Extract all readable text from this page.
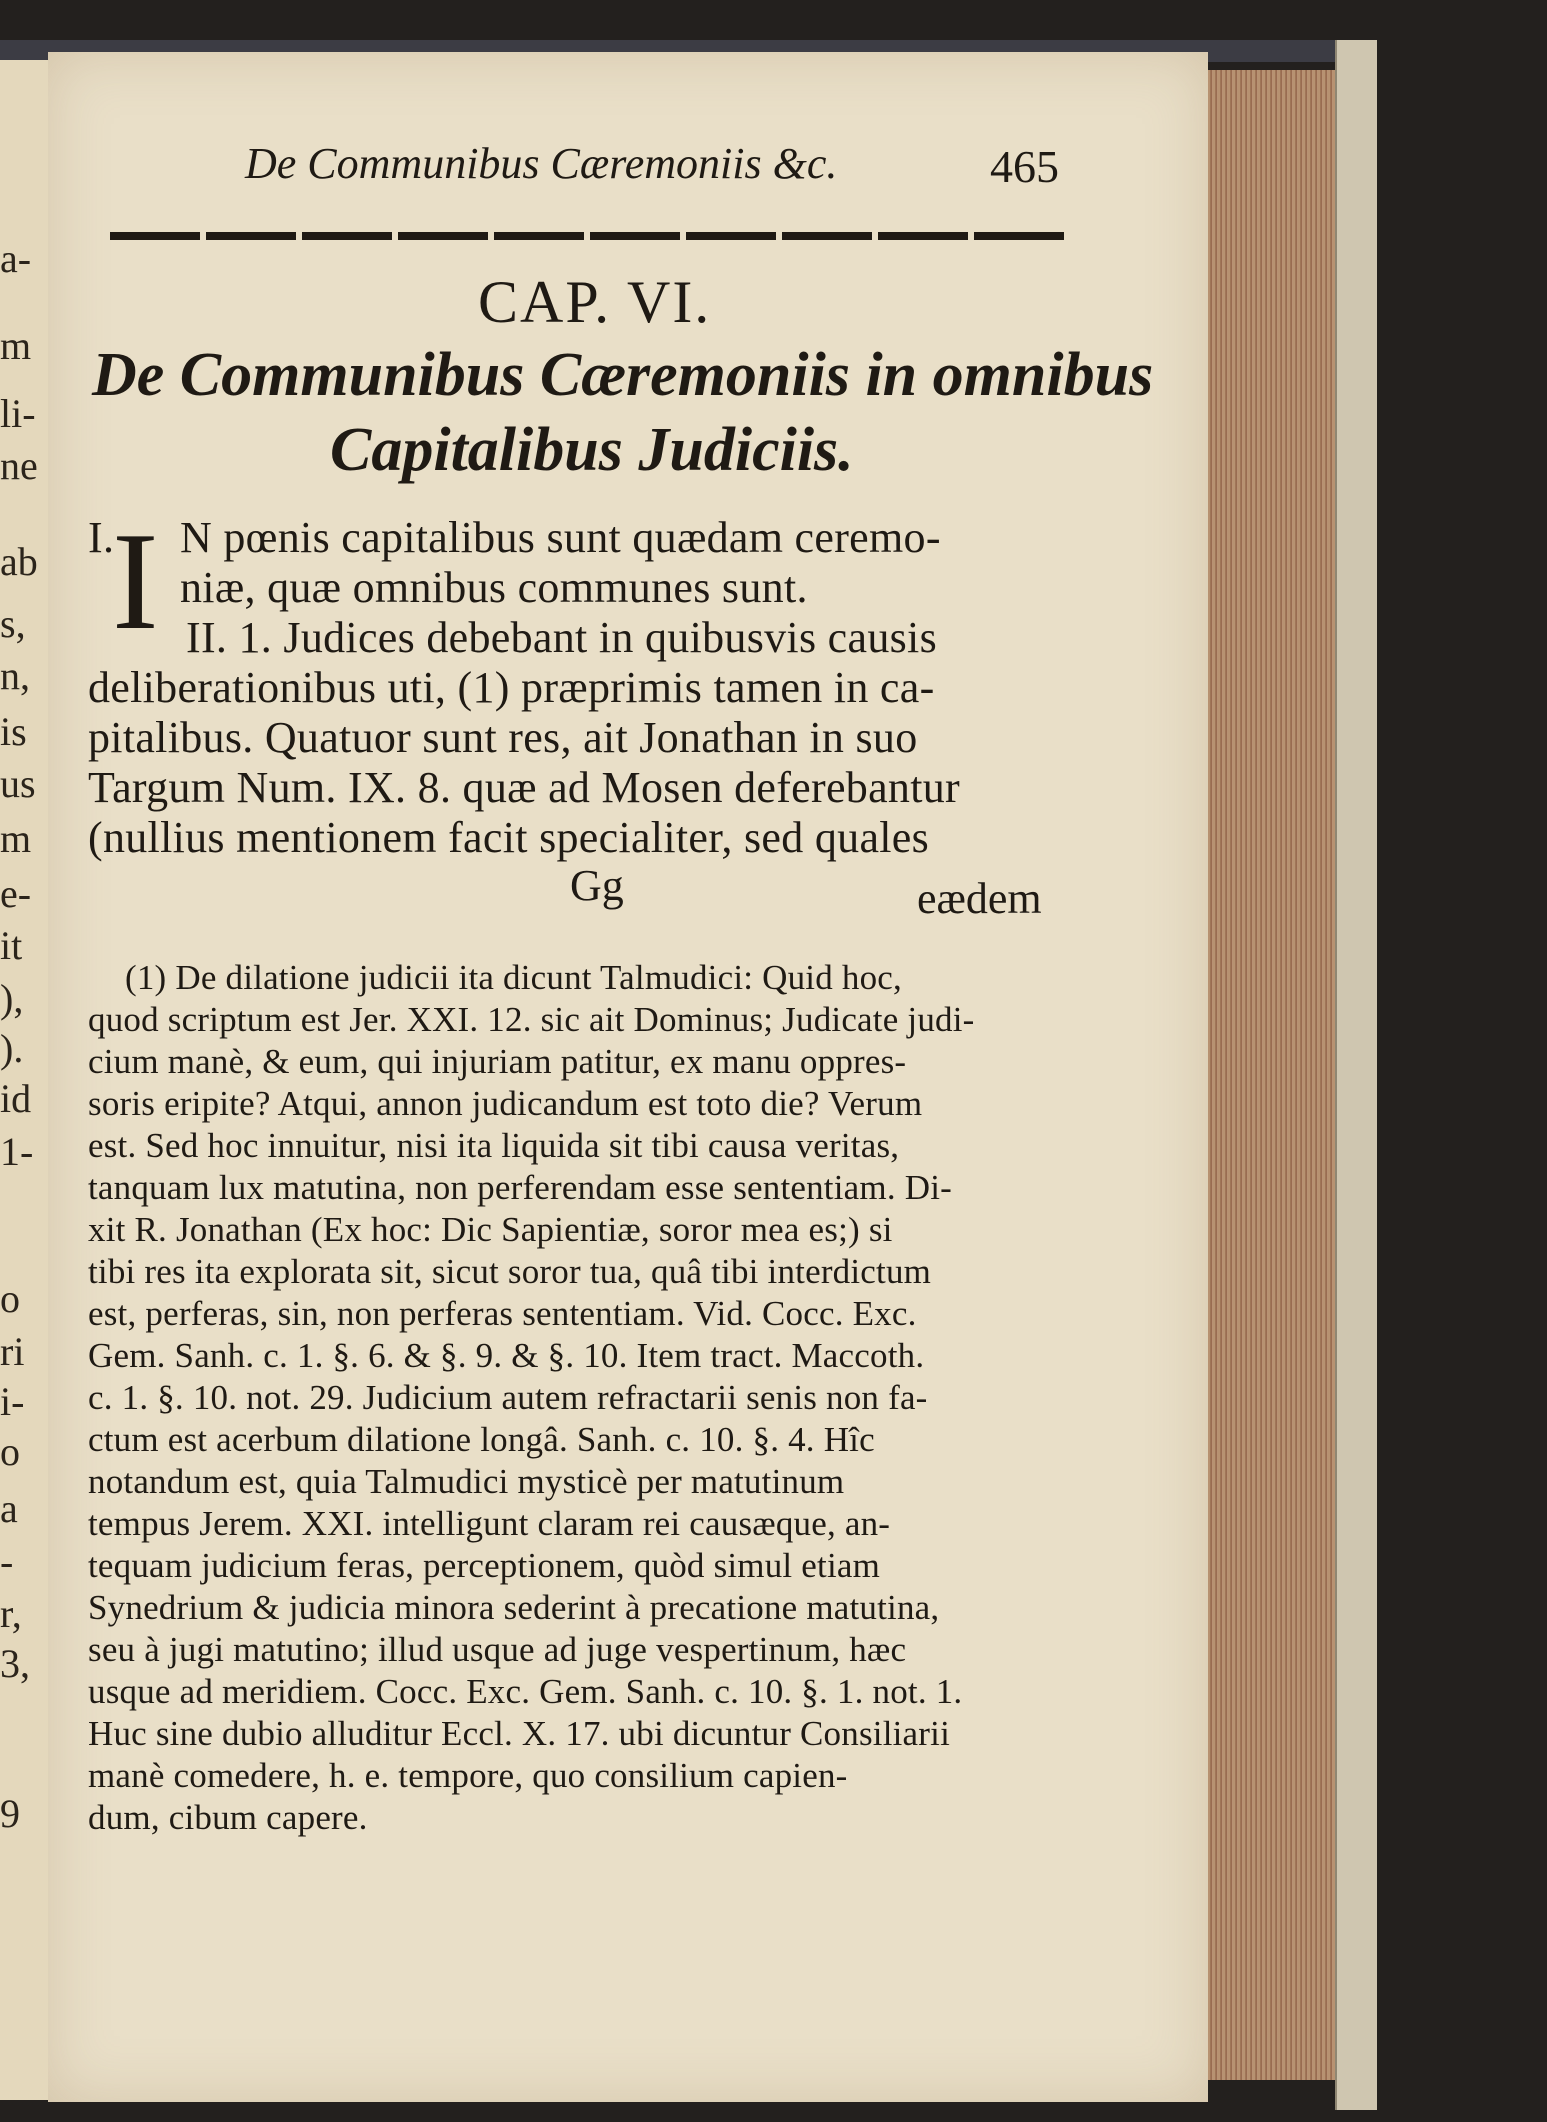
a-
m
li-
ne
ab
s,
n,
is
us
m
e-
it
),
).
id
1-
o
ri
i-
o
a
-
r,
3,
9
De Communibus Cæremoniis &c.	465
CAP. VI.
De Communibus Cæremoniis in omnibus
Capitalibus Judiciis.
I.
I N pœnis capitalibus sunt quædam ceremo-
niæ, quæ omnibus communes sunt.
II. 1. Judices debebant in quibusvis causis
deliberationibus uti, (1) præprimis tamen in ca-
pitalibus. Quatuor sunt res, ait Jonathan in suo
Targum Num. IX. 8. quæ ad Mosen deferebantur
(nullius mentionem facit specialiter, sed quales
Gg	eædem
(1) De dilatione judicii ita dicunt Talmudici: Quid hoc,
quod scriptum est Jer. XXI. 12. sic ait Dominus; Judicate judi-
cium manè, & eum, qui injuriam patitur, ex manu oppres-
soris eripite? Atqui, annon judicandum est toto die? Verum
est. Sed hoc innuitur, nisi ita liquida sit tibi causa veritas,
tanquam lux matutina, non perferendam esse sententiam. Di-
xit R. Jonathan (Ex hoc: Dic Sapientiæ, soror mea es;) si
tibi res ita explorata sit, sicut soror tua, quâ tibi interdictum
est, perferas, sin, non perferas sententiam. Vid. Cocc. Exc.
Gem. Sanh. c. 1. §. 6. & §. 9. & §. 10. Item tract. Maccoth.
c. 1. §. 10. not. 29. Judicium autem refractarii senis non fa-
ctum est acerbum dilatione longâ. Sanh. c. 10. §. 4. Hîc
notandum est, quia Talmudici mysticè per matutinum
tempus Jerem. XXI. intelligunt claram rei causæque, an-
tequam judicium feras, perceptionem, quòd simul etiam
Synedrium & judicia minora sederint à precatione matutina,
seu à jugi matutino; illud usque ad juge vespertinum, hæc
usque ad meridiem. Cocc. Exc. Gem. Sanh. c. 10. §. 1. not. 1.
Huc sine dubio alluditur Eccl. X. 17. ubi dicuntur Consiliarii
manè comedere, h. e. tempore, quo consilium capien-
dum, cibum capere.
